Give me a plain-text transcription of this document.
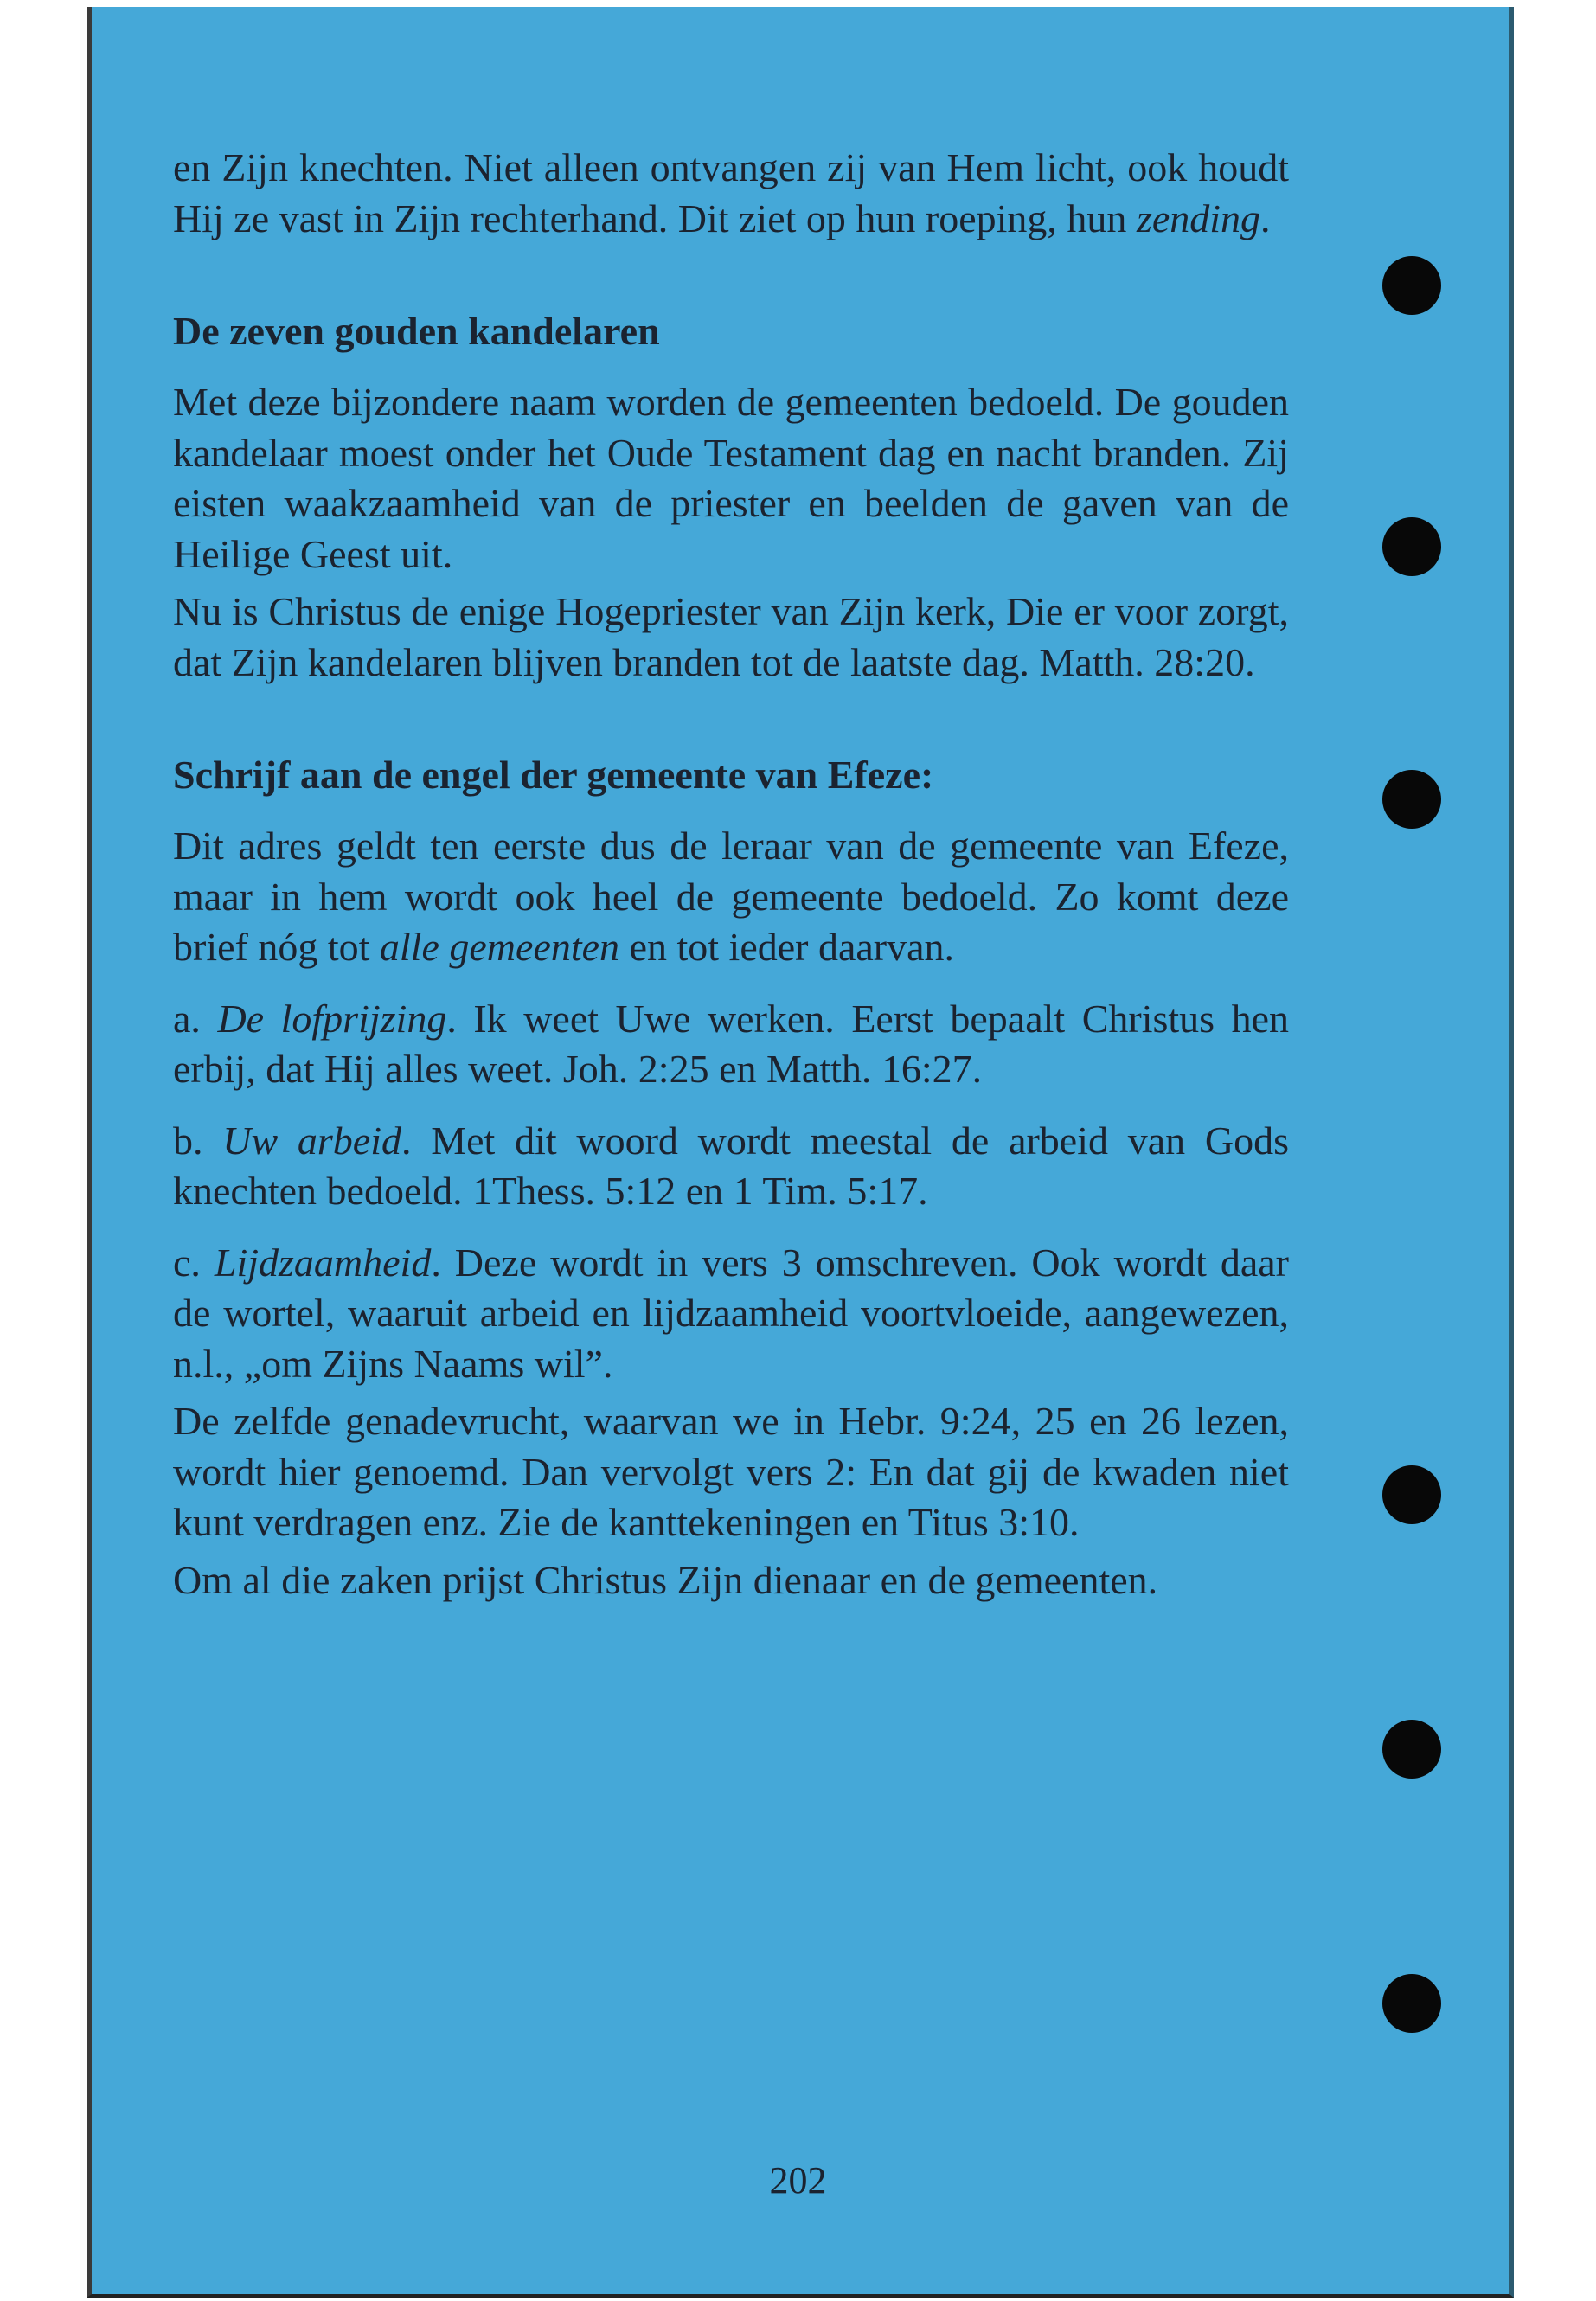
en Zijn knechten. Niet alleen ontvangen zij van Hem licht, ook houdt Hij ze vast in Zijn rechterhand. Dit ziet op hun roeping, hun zending.

De zeven gouden kandelaren

Met deze bijzondere naam worden de gemeenten bedoeld. De gouden kandelaar moest onder het Oude Testament dag en nacht branden. Zij eisten waakzaamheid van de priester en beelden de gaven van de Heilige Geest uit.

Nu is Christus de enige Hogepriester van Zijn kerk, Die er voor zorgt, dat Zijn kandelaren blijven branden tot de laatste dag. Matth. 28:20.

Schrijf aan de engel der gemeente van Efeze:

Dit adres geldt ten eerste dus de leraar van de gemeente van Efeze, maar in hem wordt ook heel de gemeente bedoeld. Zo komt deze brief nóg tot alle gemeenten en tot ieder daarvan.

a. De lofprijzing. Ik weet Uwe werken. Eerst bepaalt Christus hen erbij, dat Hij alles weet. Joh. 2:25 en Matth. 16:27.

b. Uw arbeid. Met dit woord wordt meestal de arbeid van Gods knechten bedoeld. 1Thess. 5:12 en 1 Tim. 5:17.

c. Lijdzaamheid. Deze wordt in vers 3 omschreven. Ook wordt daar de wortel, waaruit arbeid en lijdzaamheid voortvloeide, aangewezen, n.l., „om Zijns Naams wil”.

De zelfde genadevrucht, waarvan we in Hebr. 9:24, 25 en 26 lezen, wordt hier genoemd. Dan vervolgt vers 2: En dat gij de kwaden niet kunt verdragen enz. Zie de kanttekeningen en Titus 3:10.

Om al die zaken prijst Christus Zijn dienaar en de gemeenten.

202
